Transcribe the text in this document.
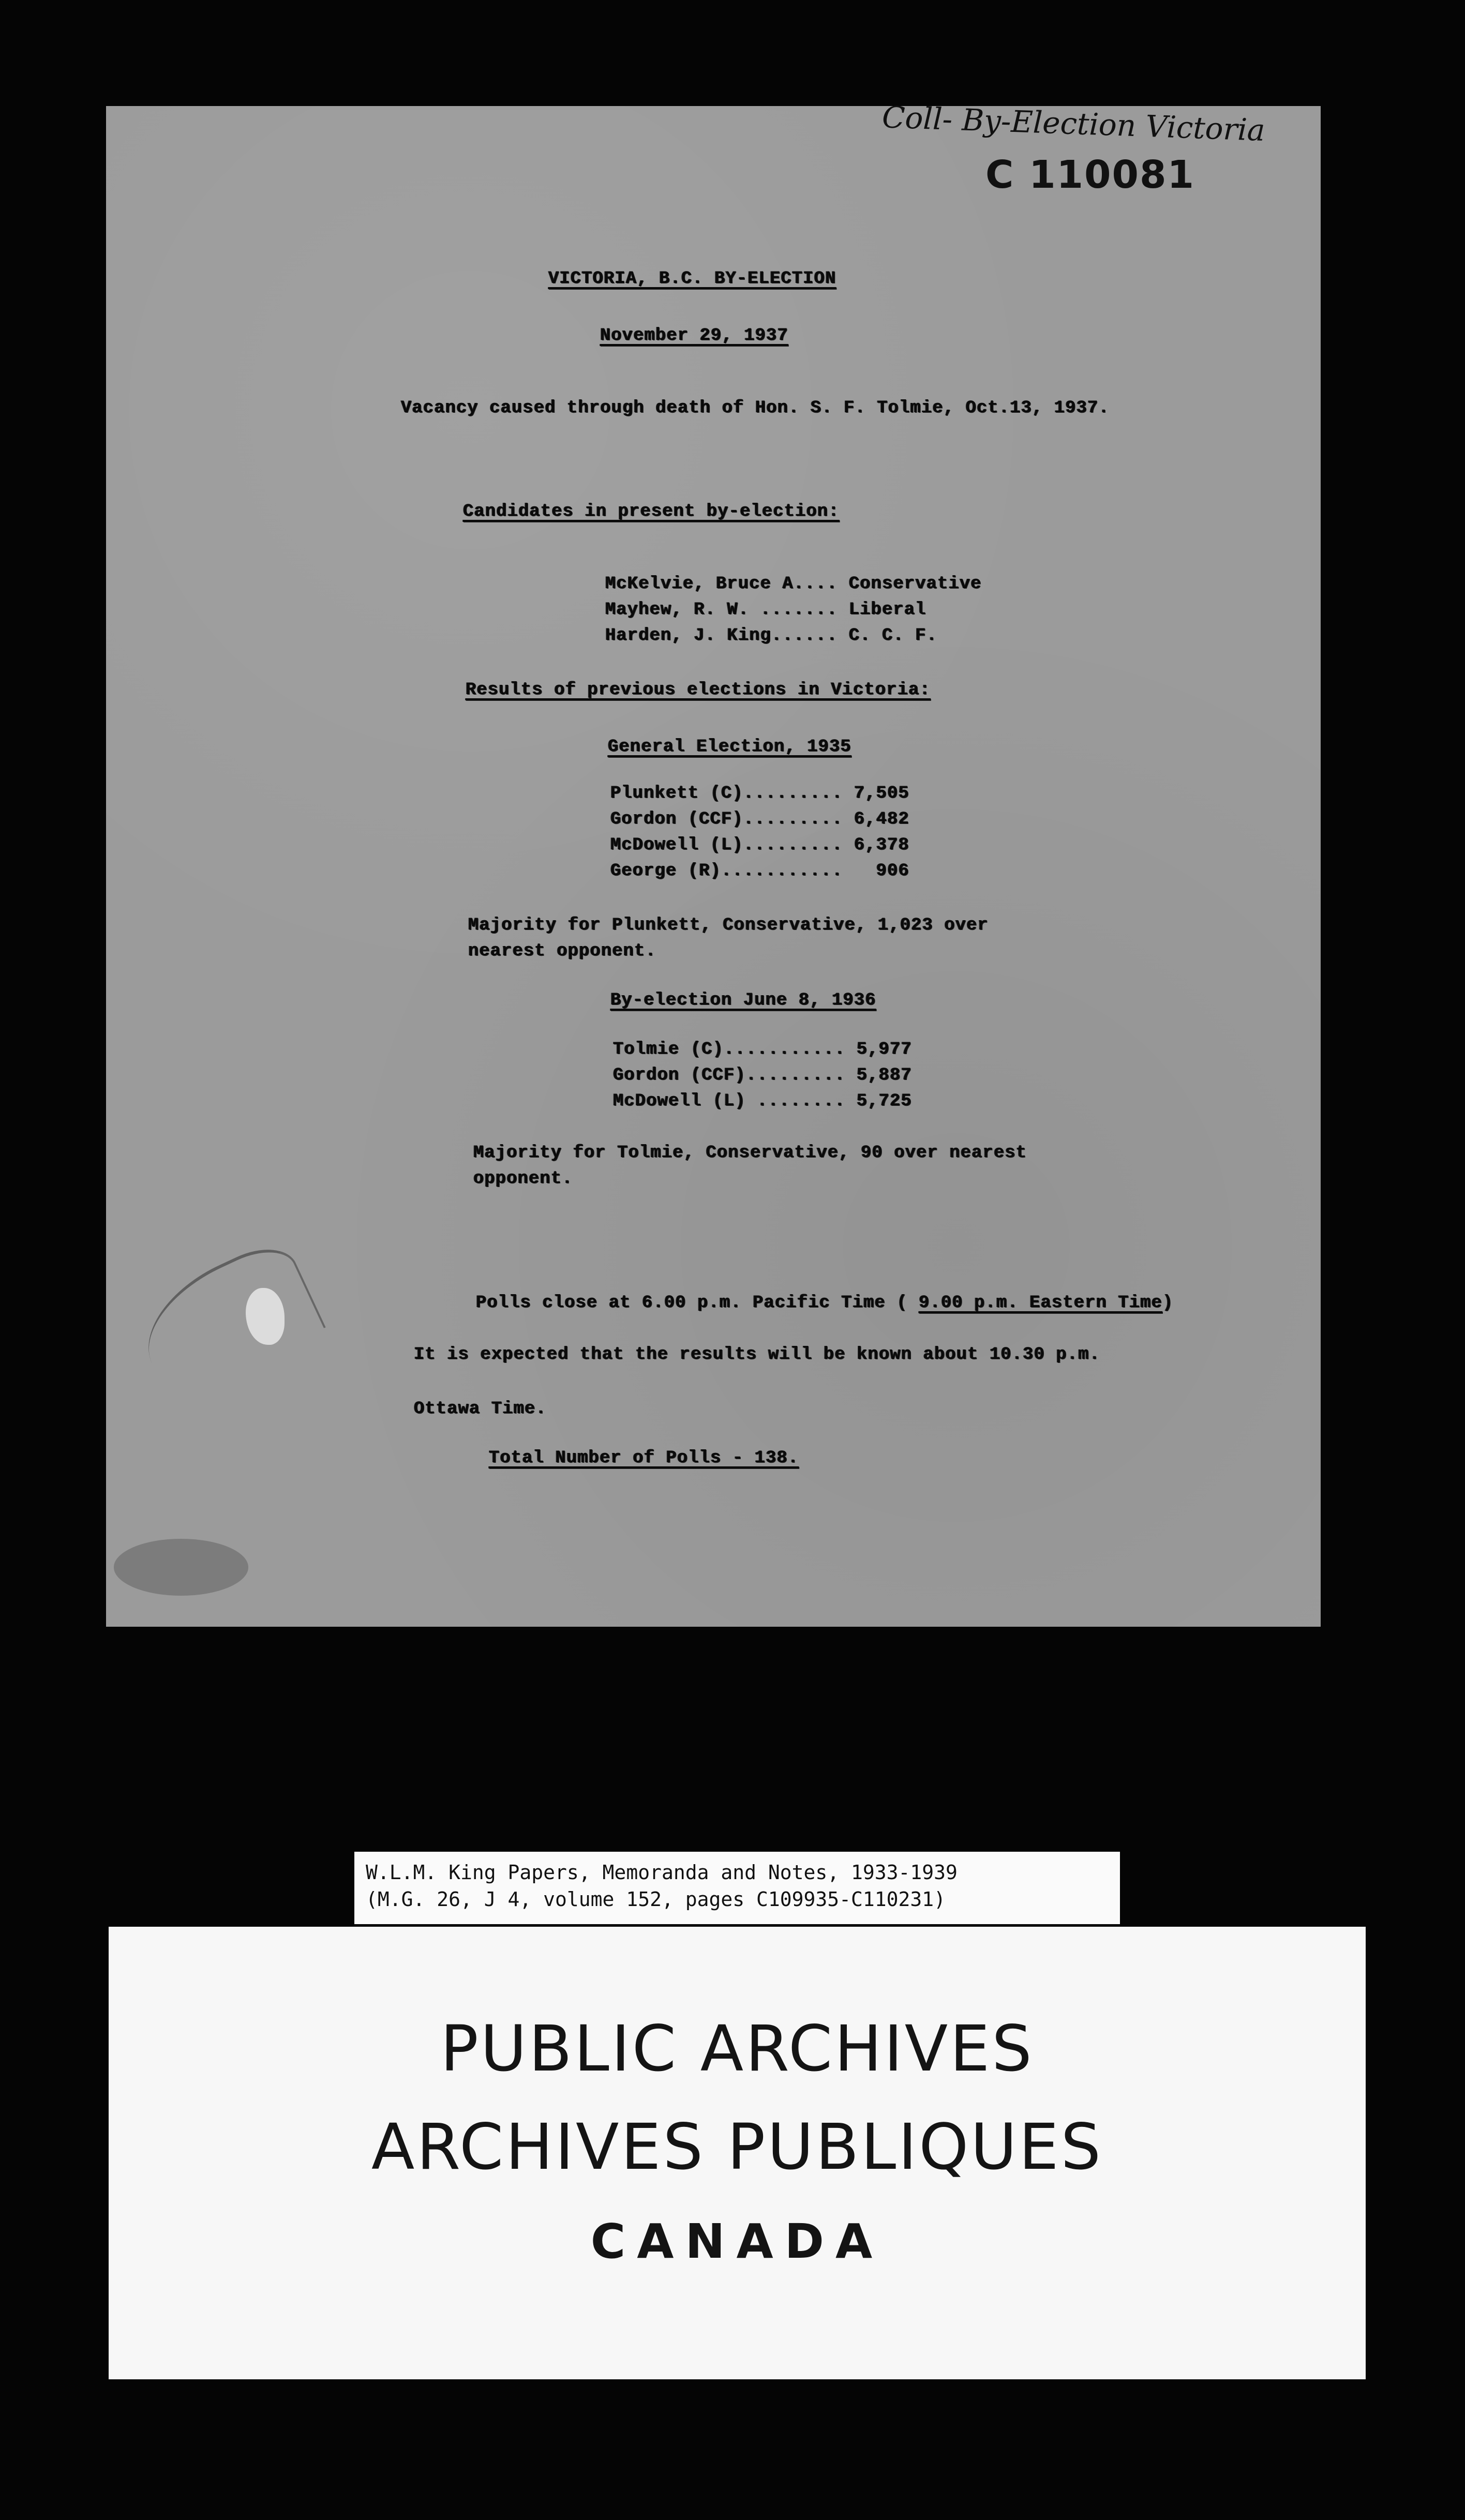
Coll- By-Election Victoria
C 110081
VICTORIA, B.C. BY-ELECTION
November 29, 1937
Vacancy caused through death of Hon. S. F. Tolmie, Oct.13, 1937.
Candidates in present by-election:
McKelvie, Bruce A.... Conservative
Mayhew, R. W. ....... Liberal
Harden, J. King...... C. C. F.
Results of previous elections in Victoria:
General Election, 1935
Plunkett (C)......... 7,505
Gordon (CCF)......... 6,482
McDowell (L)......... 6,378
George (R)...........   906
Majority for Plunkett, Conservative, 1,023 over
nearest opponent.
By-election June 8, 1936
Tolmie (C)........... 5,977
Gordon (CCF)......... 5,887
McDowell (L) ........ 5,725
Majority for Tolmie, Conservative, 90 over nearest
opponent.
Polls close at 6.00 p.m. Pacific Time ( 9.00 p.m. Eastern Time)
It is expected that the results will be known about 10.30 p.m.
Ottawa Time.
Total Number of Polls - 138.
W.L.M. King Papers, Memoranda and Notes, 1933-1939
(M.G. 26, J 4, volume 152, pages C109935-C110231)
PUBLIC ARCHIVES
ARCHIVES PUBLIQUES
CANADA
